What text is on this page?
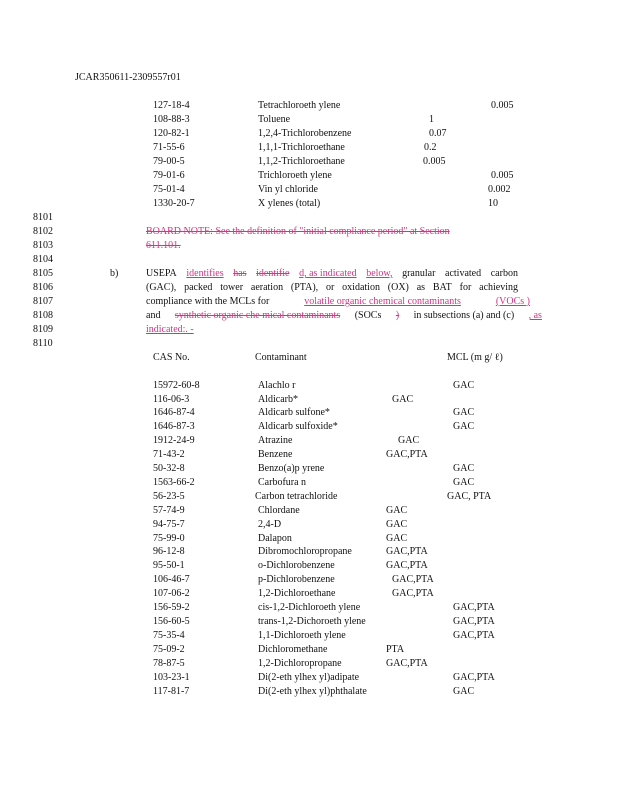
JCAR350611-2309557r01
127-18-4	Tetrachloroeth ylene	0.005
108-88-3	Toluene	1
120-82-1	1,2,4-Trichlorobenzene	0.07
71-55-6	1,1,1-Trichloroethane	0.2
79-00-5	1,1,2-Trichloroethane	0.005
79-01-6	Trichloroeth ylene	0.005
75-01-4	Vin yl chloride	0.002
1330-20-7	X ylenes (total)	10
8101
8102
8103
8104
8105
8106
8107
8108
8109
8110
BOARD NOTE: See the definition of "initial compliance period" at Section
611.101.
b)	USEPA identifies has identifie d, as indicated below, granular activated carbon
(GAC), packed tower aeration (PTA), or oxidation (OX) as BAT for achieving
compliance with the MCLs for	volatile organic chemical contaminants	(VOCs )
and synthetic organic che mical contaminants (SOCs ) in subsections (a) and (c) , as
indicated:. -
CAS No.	Contaminant	MCL (m g/ ℓ)
15972-60-8	Alachlo r	GAC
116-06-3	Aldicarb*	GAC
1646-87-4	Aldicarb sulfone*	GAC
1646-87-3	Aldicarb sulfoxide*	GAC
1912-24-9	Atrazine	GAC
71-43-2	Benzene	GAC,PTA
50-32-8	Benzo(a)p yrene	GAC
1563-66-2	Carbofura n	GAC
56-23-5	Carbon tetrachloride	GAC, PTA
57-74-9	Chlordane	GAC
94-75-7	2,4-D	GAC
75-99-0	Dalapon	GAC
96-12-8	Dibromochloropropane	GAC,PTA
95-50-1	o-Dichlorobenzene	GAC,PTA
106-46-7	p-Dichlorobenzene	GAC,PTA
107-06-2	1,2-Dichloroethane	GAC,PTA
156-59-2	cis-1,2-Dichloroeth ylene	GAC,PTA
156-60-5	trans-1,2-Dichoroeth ylene	GAC,PTA
75-35-4	1,1-Dichloroeth ylene	GAC,PTA
75-09-2	Dichloromethane	PTA
78-87-5	1,2-Dichloropropane	GAC,PTA
103-23-1	Di(2-eth ylhex yl)adipate	GAC,PTA
117-81-7	Di(2-eth ylhex yl)phthalate	GAC
